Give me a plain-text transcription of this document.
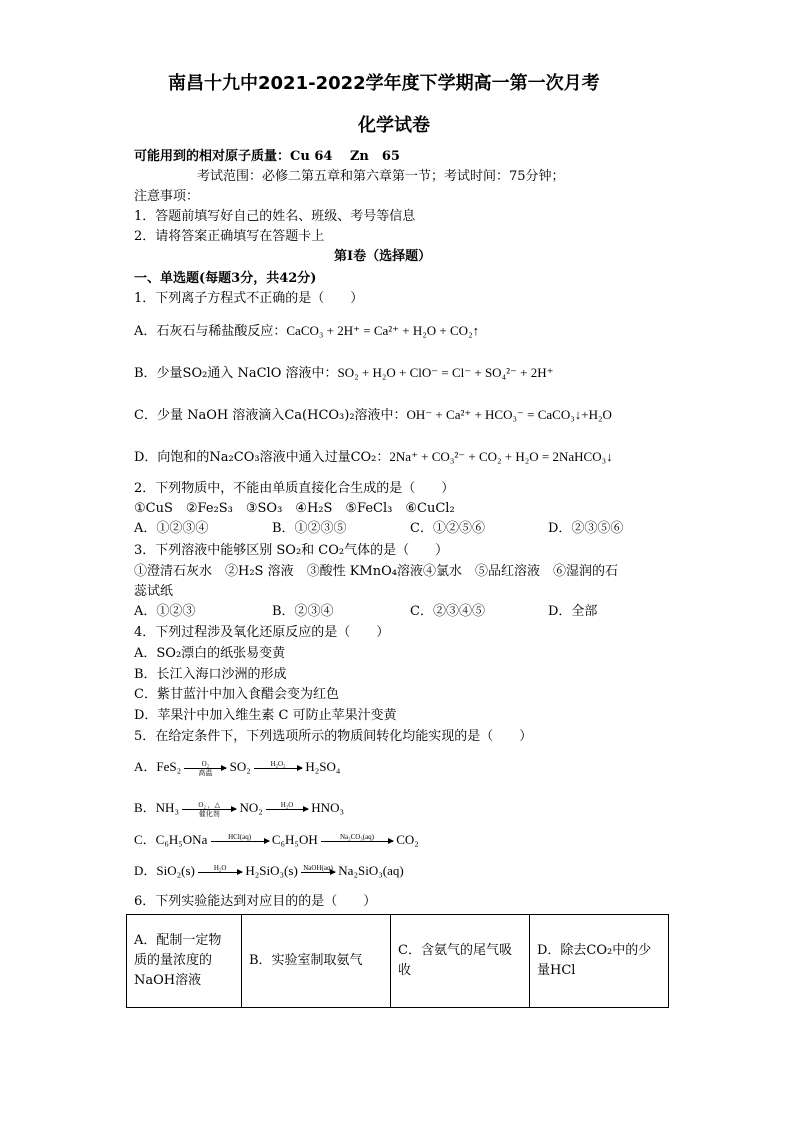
南昌十九中2021-2022学年度下学期高一第一次月考
化学试卷
可能用到的相对原子质量：Cu 64　 Zn　65
考试范围：必修二第五章和第六章第一节；考试时间：75分钟；
注意事项：
1．答题前填写好自己的姓名、班级、考号等信息
2．请将答案正确填写在答题卡上
第I卷（选择题）
一、单选题(每题3分，共42分)
1．下列离子方程式不正确的是（　　）
A．石灰石与稀盐酸反应：CaCO₃ + 2H⁺ = Ca²⁺ + H₂O + CO₂↑
B．少量SO₂通入 NaClO 溶液中：SO₂ + H₂O + ClO⁻ = Cl⁻ + SO₄²⁻ + 2H⁺
C．少量 NaOH 溶液滴入Ca(HCO₃)₂溶液中：OH⁻ + Ca²⁺ + HCO₃⁻ = CaCO₃↓+H₂O
D．向饱和的Na₂CO₃溶液中通入过量CO₂：2Na⁺ + CO₃²⁻ + CO₂ + H₂O = 2NaHCO₃↓
2．下列物质中，不能由单质直接化合生成的是（　　）
①CuS　②Fe₂S₃　③SO₃　④H₂S　⑤FeCl₃　⑥CuCl₂
A．①②③④	B．①②③⑤	C．①②⑤⑥	D．②③⑤⑥
3．下列溶液中能够区别 SO₂和 CO₂气体的是（　　）
①澄清石灰水　②H₂S 溶液　③酸性 KMnO₄溶液④氯水　⑤品红溶液　⑥湿润的石
蕊试纸
A．①②③	B．②③④	C．②③④⑤	D．全部
4．下列过程涉及氧化还原反应的是（　　）
A．SO₂漂白的纸张易变黄
B．长江入海口沙洲的形成
C．紫甘蓝汁中加入食醋会变为红色
D．苹果汁中加入维生素 C 可防止苹果汁变黄
5．在给定条件下，下列选项所示的物质间转化均能实现的是（　　）
A．FeS₂	O₂
高温	SO₂	H₂O₂	H₂SO₄
B．NH₃	O₂ ，△
催化剂	NO₂	H₂O	HNO₃
C．C₆H₅ONa	HCl(aq)	C₆H₅OH	Na₂CO₃(aq)	CO₂
D．SiO₂(s)	H₂O	H₂SiO₃(s) NaOH(aq) Na₂SiO₃(aq)
6．下列实验能达到对应目的的是（　　）
A．配制一定物质的量浓度的NaOH溶液	B．实验室制取氨气	C．含氨气的尾气吸收	D．除去CO₂中的少量HCl
